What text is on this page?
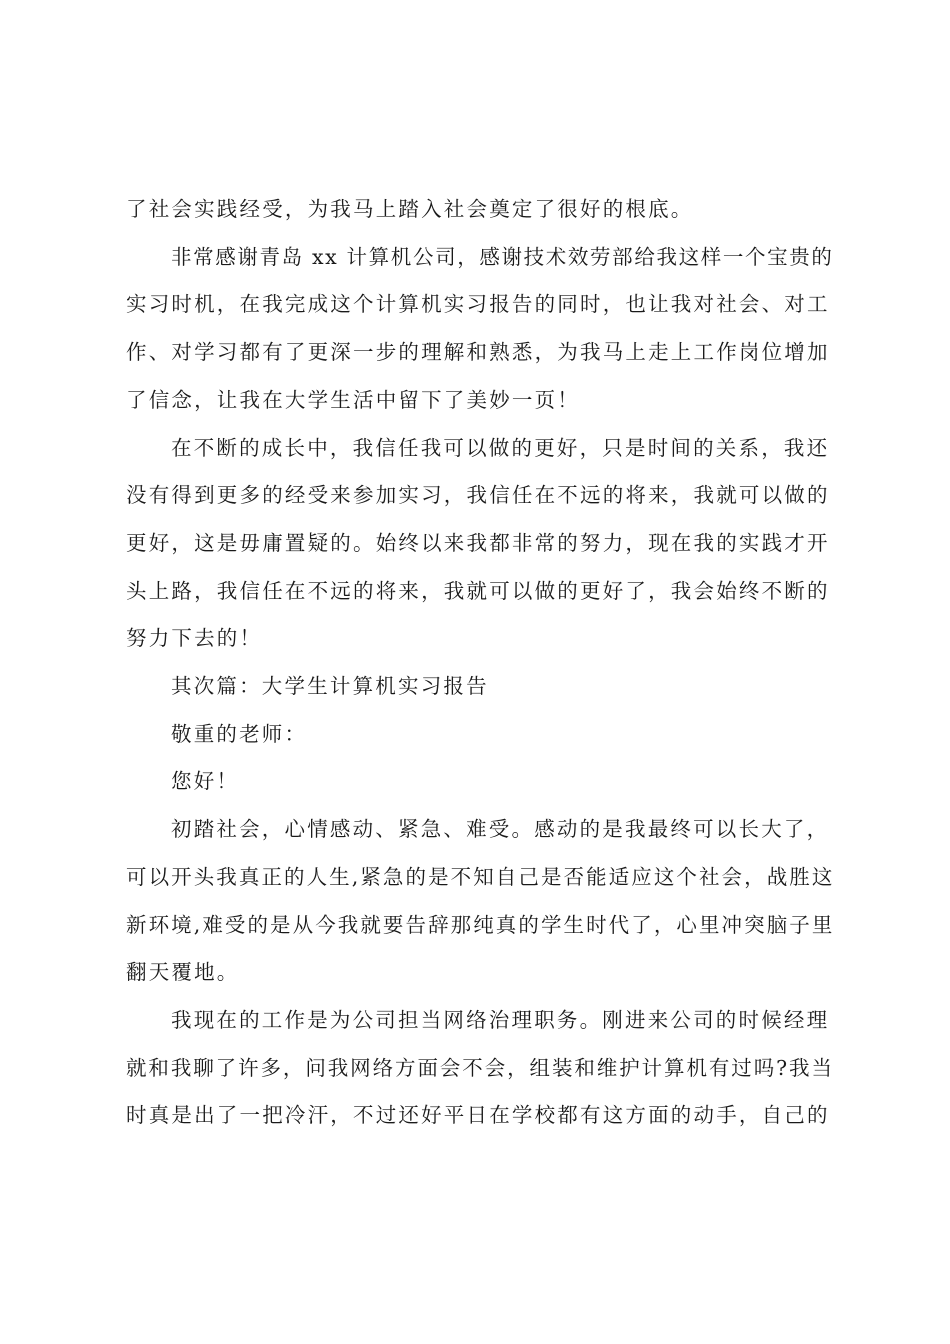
了社会实践经受，为我马上踏入社会奠定了很好的根底。
非常感谢青岛 xx 计算机公司，感谢技术效劳部给我这样一个宝贵的
实习时机，在我完成这个计算机实习报告的同时，也让我对社会、对工
作、对学习都有了更深一步的理解和熟悉，为我马上走上工作岗位增加
了信念，让我在大学生活中留下了美妙一页！
在不断的成长中，我信任我可以做的更好，只是时间的关系，我还
没有得到更多的经受来参加实习，我信任在不远的将来，我就可以做的
更好，这是毋庸置疑的。始终以来我都非常的努力，现在我的实践才开
头上路，我信任在不远的将来，我就可以做的更好了，我会始终不断的
努力下去的！
其次篇：大学生计算机实习报告
敬重的老师：
您好！
初踏社会，心情感动、紧急、难受。感动的是我最终可以长大了，
可以开头我真正的人生,紧急的是不知自己是否能适应这个社会，战胜这
新环境,难受的是从今我就要告辞那纯真的学生时代了，心里冲突脑子里
翻天覆地。
我现在的工作是为公司担当网络治理职务。刚进来公司的时候经理
就和我聊了许多，问我网络方面会不会，组装和维护计算机有过吗?我当
时真是出了一把冷汗，不过还好平日在学校都有这方面的动手，自己的
